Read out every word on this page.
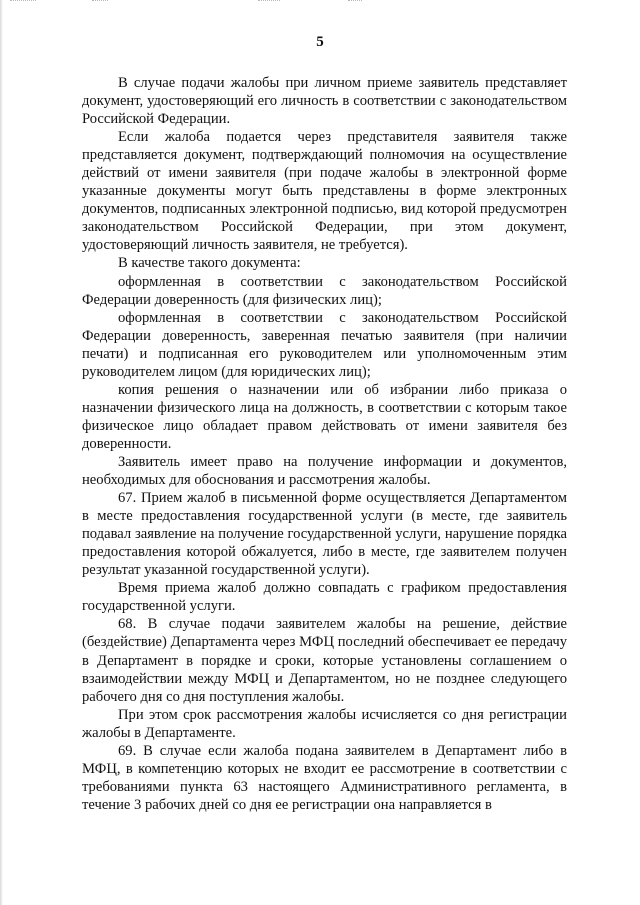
5

В случае подачи жалобы при личном приеме заявитель представляет документ, удостоверяющий его личность в соответствии с законодательством Российской Федерации.

Если жалоба подается через представителя заявителя также представляется документ, подтверждающий полномочия на осуществление действий от имени заявителя (при подаче жалобы в электронной форме указанные документы могут быть представлены в форме электронных документов, подписанных электронной подписью, вид которой предусмотрен законодательством Российской Федерации, при этом документ, удостоверяющий личность заявителя, не требуется).

В качестве такого документа:

оформленная в соответствии с законодательством Российской Федерации доверенность (для физических лиц);

оформленная в соответствии с законодательством Российской Федерации доверенность, заверенная печатью заявителя (при наличии печати) и подписанная его руководителем или уполномоченным этим руководителем лицом (для юридических лиц);

копия решения о назначении или об избрании либо приказа о назначении физического лица на должность, в соответствии с которым такое физическое лицо обладает правом действовать от имени заявителя без доверенности.

Заявитель имеет право на получение информации и документов, необходимых для обоснования и рассмотрения жалобы.

67. Прием жалоб в письменной форме осуществляется Департаментом в месте предоставления государственной услуги (в месте, где заявитель подавал заявление на получение государственной услуги, нарушение порядка предоставления которой обжалуется, либо в месте, где заявителем получен результат указанной государственной услуги).

Время приема жалоб должно совпадать с графиком предоставления государственной услуги.

68. В случае подачи заявителем жалобы на решение, действие (бездействие) Департамента через МФЦ последний обеспечивает ее передачу в Департамент в порядке и сроки, которые установлены соглашением о взаимодействии между МФЦ и Департаментом, но не позднее следующего рабочего дня со дня поступления жалобы.

При этом срок рассмотрения жалобы исчисляется со дня регистрации жалобы в Департаменте.

69. В случае если жалоба подана заявителем в Департамент либо в МФЦ, в компетенцию которых не входит ее рассмотрение в соответствии с требованиями пункта 63 настоящего Административного регламента, в течение 3 рабочих дней со дня ее регистрации она направляется в
